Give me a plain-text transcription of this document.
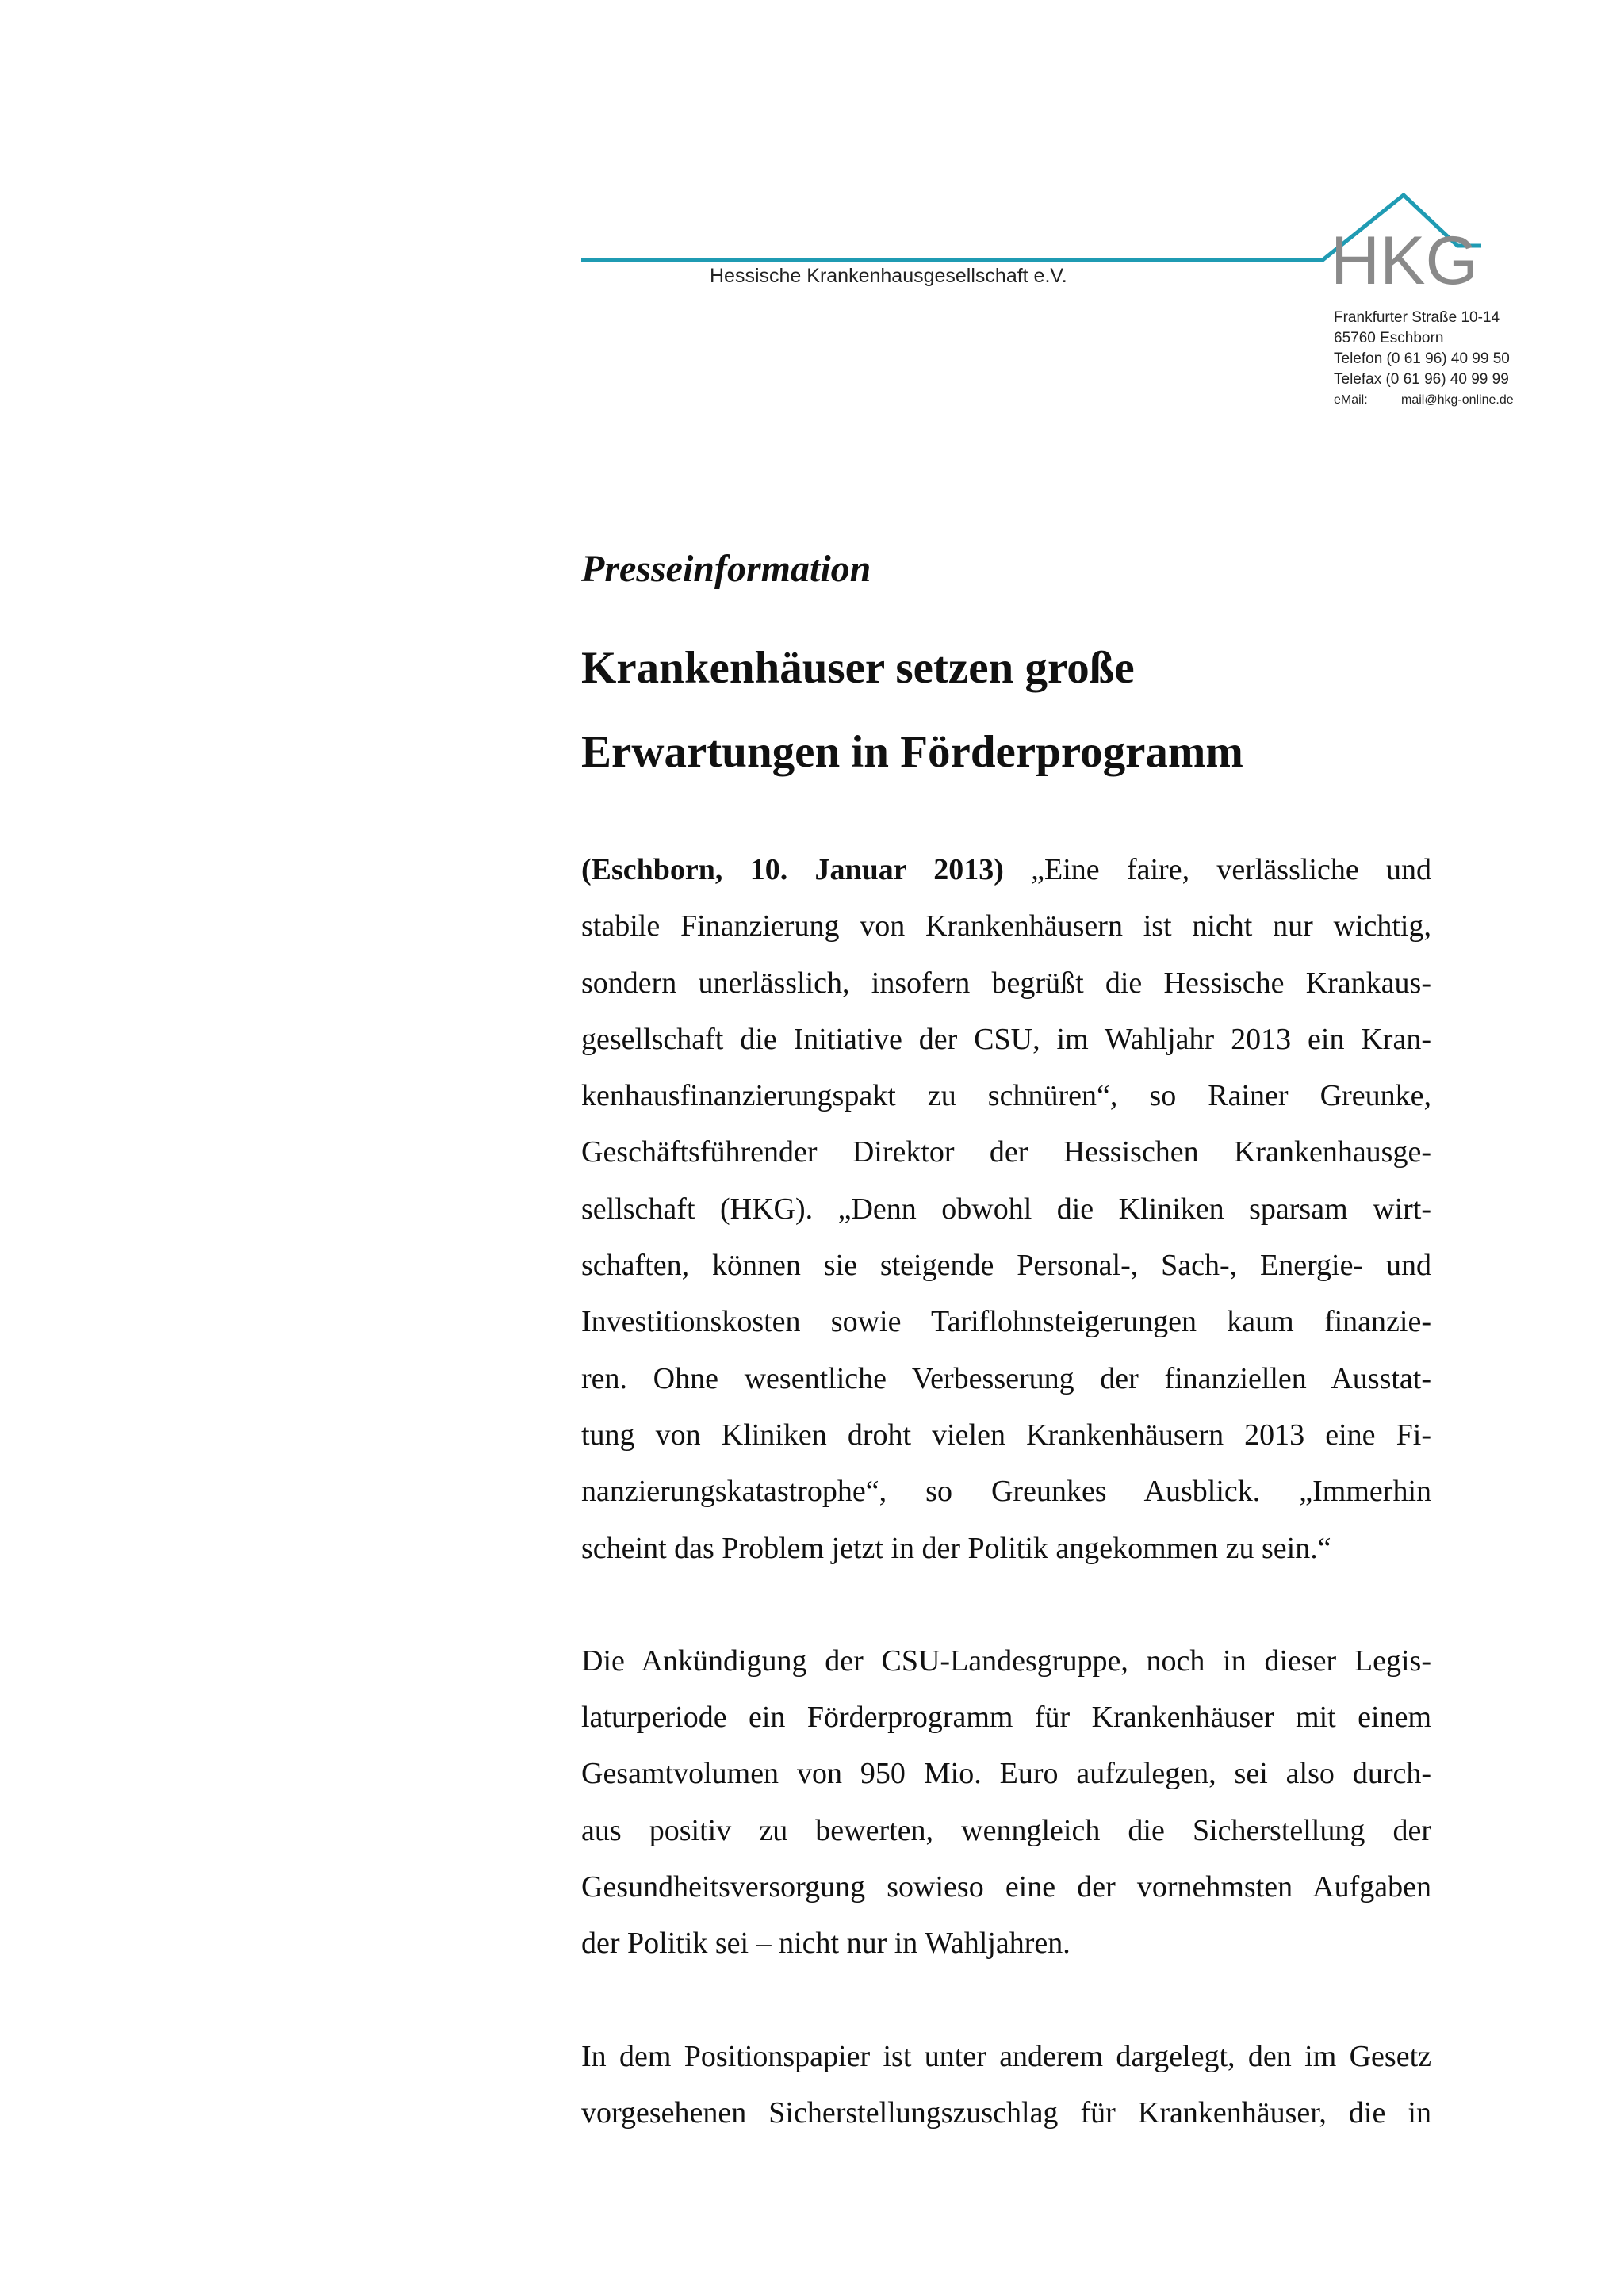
Hessische Krankenhausgesellschaft e.V.	HKG
Frankfurter Straße 10-14
65760 Eschborn
Telefon (0 61 96) 40 99 50
Telefax (0 61 96) 40 99 99
eMail:	mail@hkg-online.de
Presseinformation
Krankenhäuser setzen große
Erwartungen in Förderprogramm
(Eschborn, 10. Januar 2013) „Eine faire, verlässliche und
stabile Finanzierung von Krankenhäusern ist nicht nur wichtig,
sondern unerlässlich, insofern begrüßt die Hessische Krankaus-
gesellschaft die Initiative der CSU, im Wahljahr 2013 ein Kran-
kenhausfinanzierungspakt zu schnüren“, so Rainer Greunke,
Geschäftsführender Direktor der Hessischen Krankenhausge-
sellschaft (HKG). „Denn obwohl die Kliniken sparsam wirt-
schaften, können sie steigende Personal-, Sach-, Energie- und
Investitionskosten sowie Tariflohnsteigerungen kaum finanzie-
ren. Ohne wesentliche Verbesserung der finanziellen Ausstat-
tung von Kliniken droht vielen Krankenhäusern 2013 eine Fi-
nanzierungskatastrophe“, so Greunkes Ausblick. „Immerhin
scheint das Problem jetzt in der Politik angekommen zu sein.“
Die Ankündigung der CSU-Landesgruppe, noch in dieser Legis-
laturperiode ein Förderprogramm für Krankenhäuser mit einem
Gesamtvolumen von 950 Mio. Euro aufzulegen, sei also durch-
aus positiv zu bewerten, wenngleich die Sicherstellung der
Gesundheitsversorgung sowieso eine der vornehmsten Aufgaben
der Politik sei – nicht nur in Wahljahren.
In dem Positionspapier ist unter anderem dargelegt, den im Gesetz
vorgesehenen Sicherstellungszuschlag für Krankenhäuser, die in
